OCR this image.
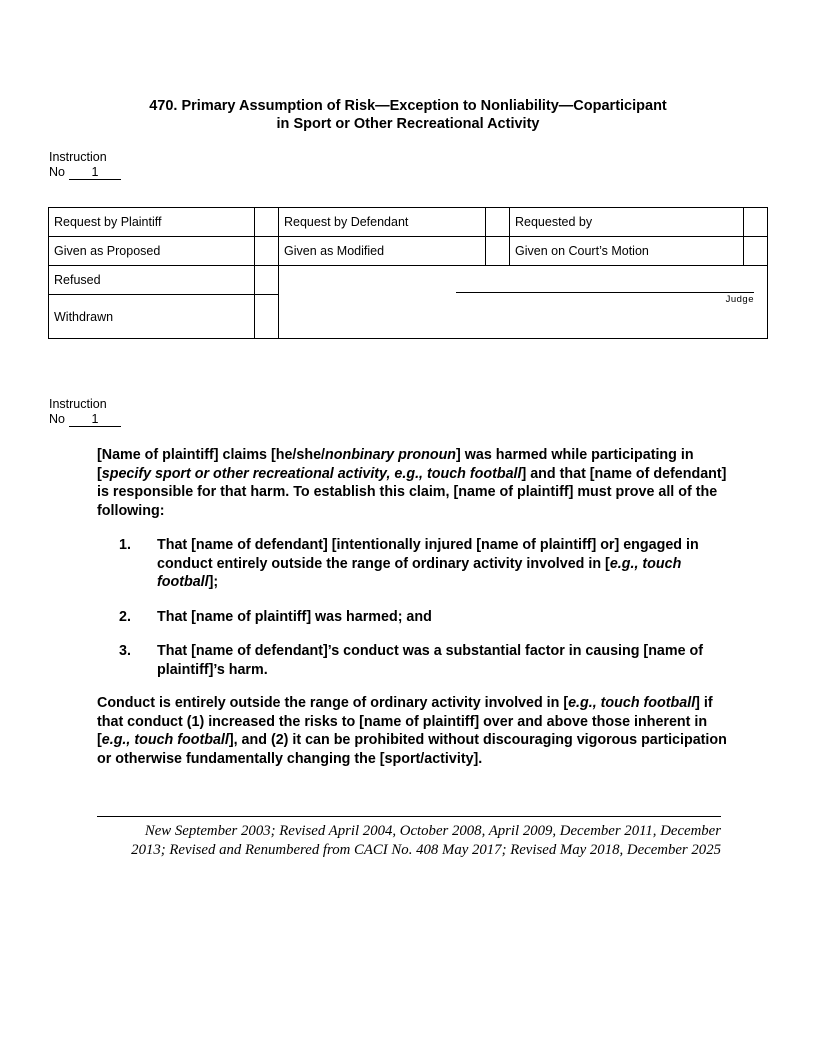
470. Primary Assumption of Risk—Exception to Nonliability—Coparticipant
in Sport or Other Recreational Activity
Instruction
No 1
Request by Plaintiff		Request by Defendant		Requested by	
Given as Proposed		Given as Modified		Given on Court’s Motion	
Refused		Judge			

Withdrawn					
Instruction
No 1
[Name of plaintiff] claims [he/she/nonbinary pronoun] was harmed while participating in [specify sport or other recreational activity, e.g., touch football] and that [name of defendant] is responsible for that harm. To establish this claim, [name of plaintiff] must prove all of the following:
1. That [name of defendant] [intentionally injured [name of plaintiff] or] engaged in conduct entirely outside the range of ordinary activity involved in [e.g., touch football];
2. That [name of plaintiff] was harmed; and
3. That [name of defendant]’s conduct was a substantial factor in causing [name of plaintiff]’s harm.
Conduct is entirely outside the range of ordinary activity involved in [e.g., touch football] if that conduct (1) increased the risks to [name of plaintiff] over and above those inherent in [e.g., touch football], and (2) it can be prohibited without discouraging vigorous participation or otherwise fundamentally changing the [sport/activity].
New September 2003; Revised April 2004, October 2008, April 2009, December 2011, December
2013; Revised and Renumbered from CACI No. 408 May 2017; Revised May 2018, December 2025
